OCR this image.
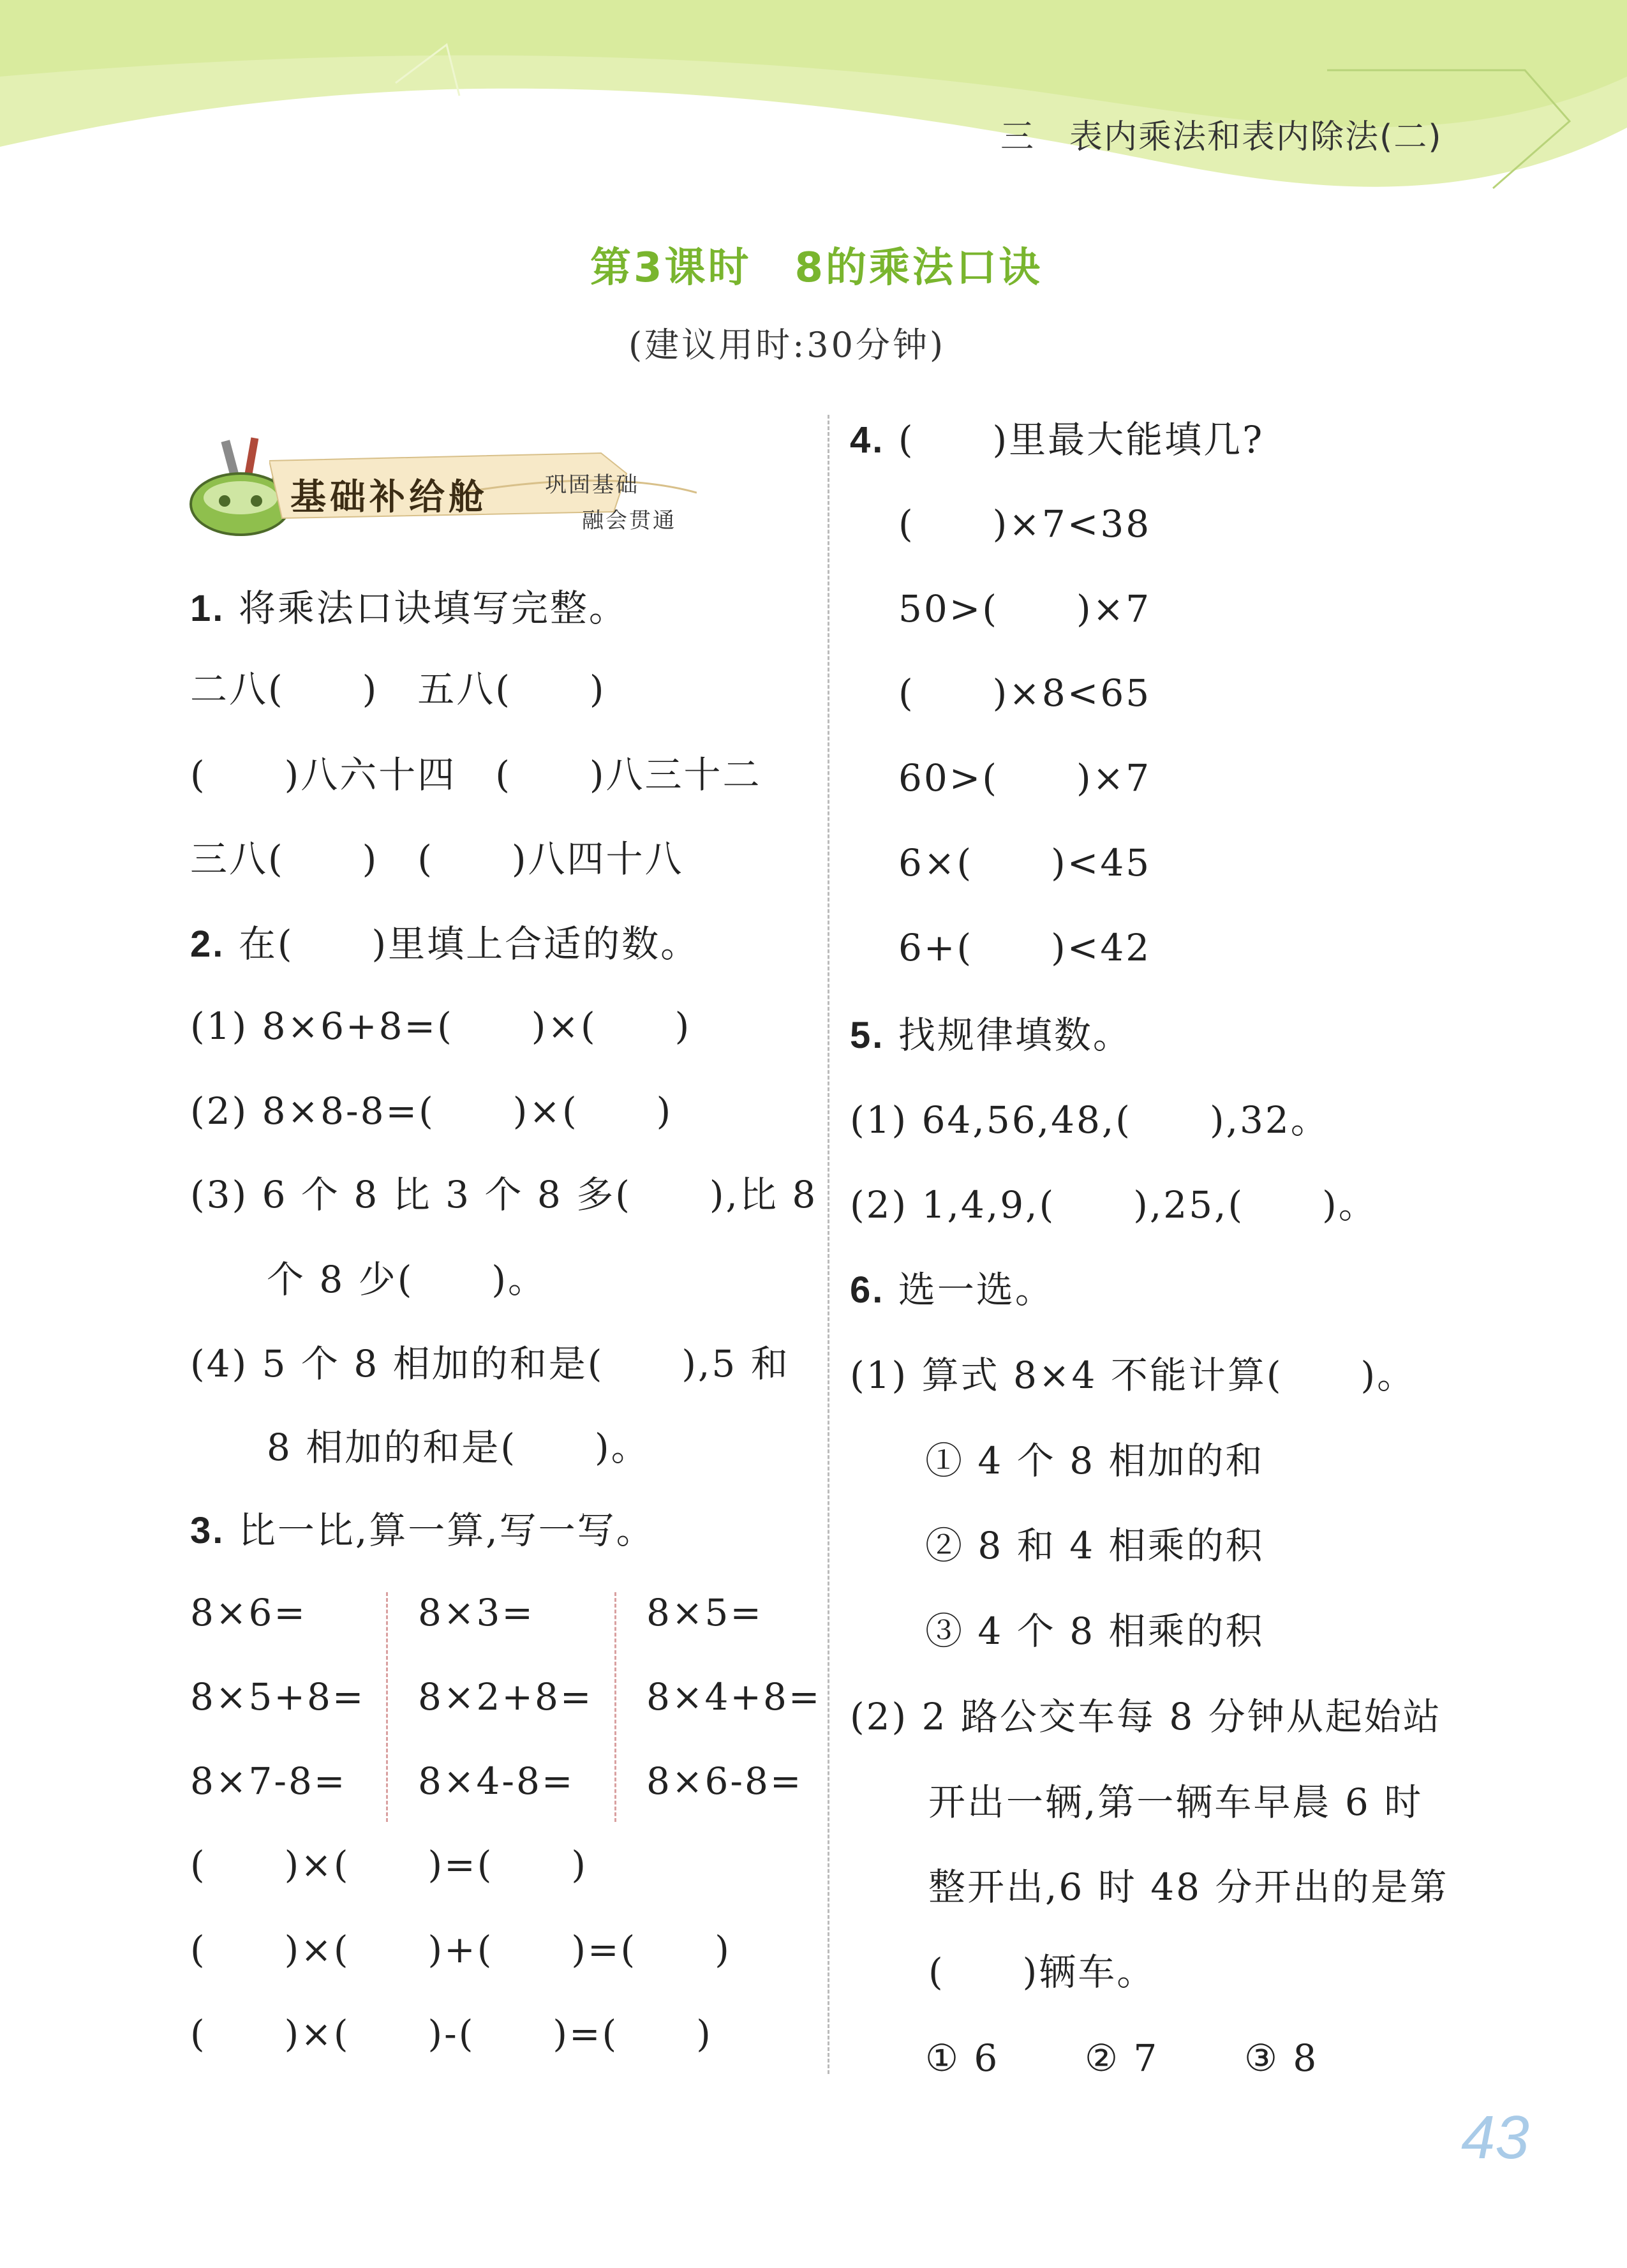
三　表内乘法和表内除法(二)
第3课时　8的乘法口诀
(建议用时:30分钟)

基础补给舱

	巩固基础

融会贯通

1. 将乘法口诀填写完整。
二八(　　)　五八(　　)
(　　)八六十四　(　　)八三十二
三八(　　)　(　　)八四十八
2. 在(　　)里填上合适的数。
(1) 8×6+8=(　　)×(　　)
(2) 8×8-8=(　　)×(　　)
(3) 6 个 8 比 3 个 8 多(　　),比 8
个 8 少(　　)。
(4) 5 个 8 相加的和是(　　),5 和
8 相加的和是(　　)。
3. 比一比,算一算,写一写。
8×6=	8×3=	8×5=
8×5+8= 8×2+8= 8×4+8=
8×7-8= 8×4-8= 8×6-8=
(　　)×(　　)=(　　)
(　　)×(　　)+(　　)=(　　)
(　　)×(　　)-(　　)=(　　)
4. (　　)里最大能填几?
(　　)×7<38
50>(　　)×7
(　　)×8<65
60>(　　)×7
6×(　　)<45
6+(　　)<42
5. 找规律填数。
(1) 64,56,48,(　　),32。
(2) 1,4,9,(　　),25,(　　)。
6. 选一选。
(1) 算式 8×4 不能计算(　　)。
① 4 个 8 相加的和
② 8 和 4 相乘的积
③ 4 个 8 相乘的积
(2) 2 路公交车每 8 分钟从起始站
开出一辆,第一辆车早晨 6 时
整开出,6 时 48 分开出的是第
(　　)辆车。
① 6 ② 7 ③ 8
43
